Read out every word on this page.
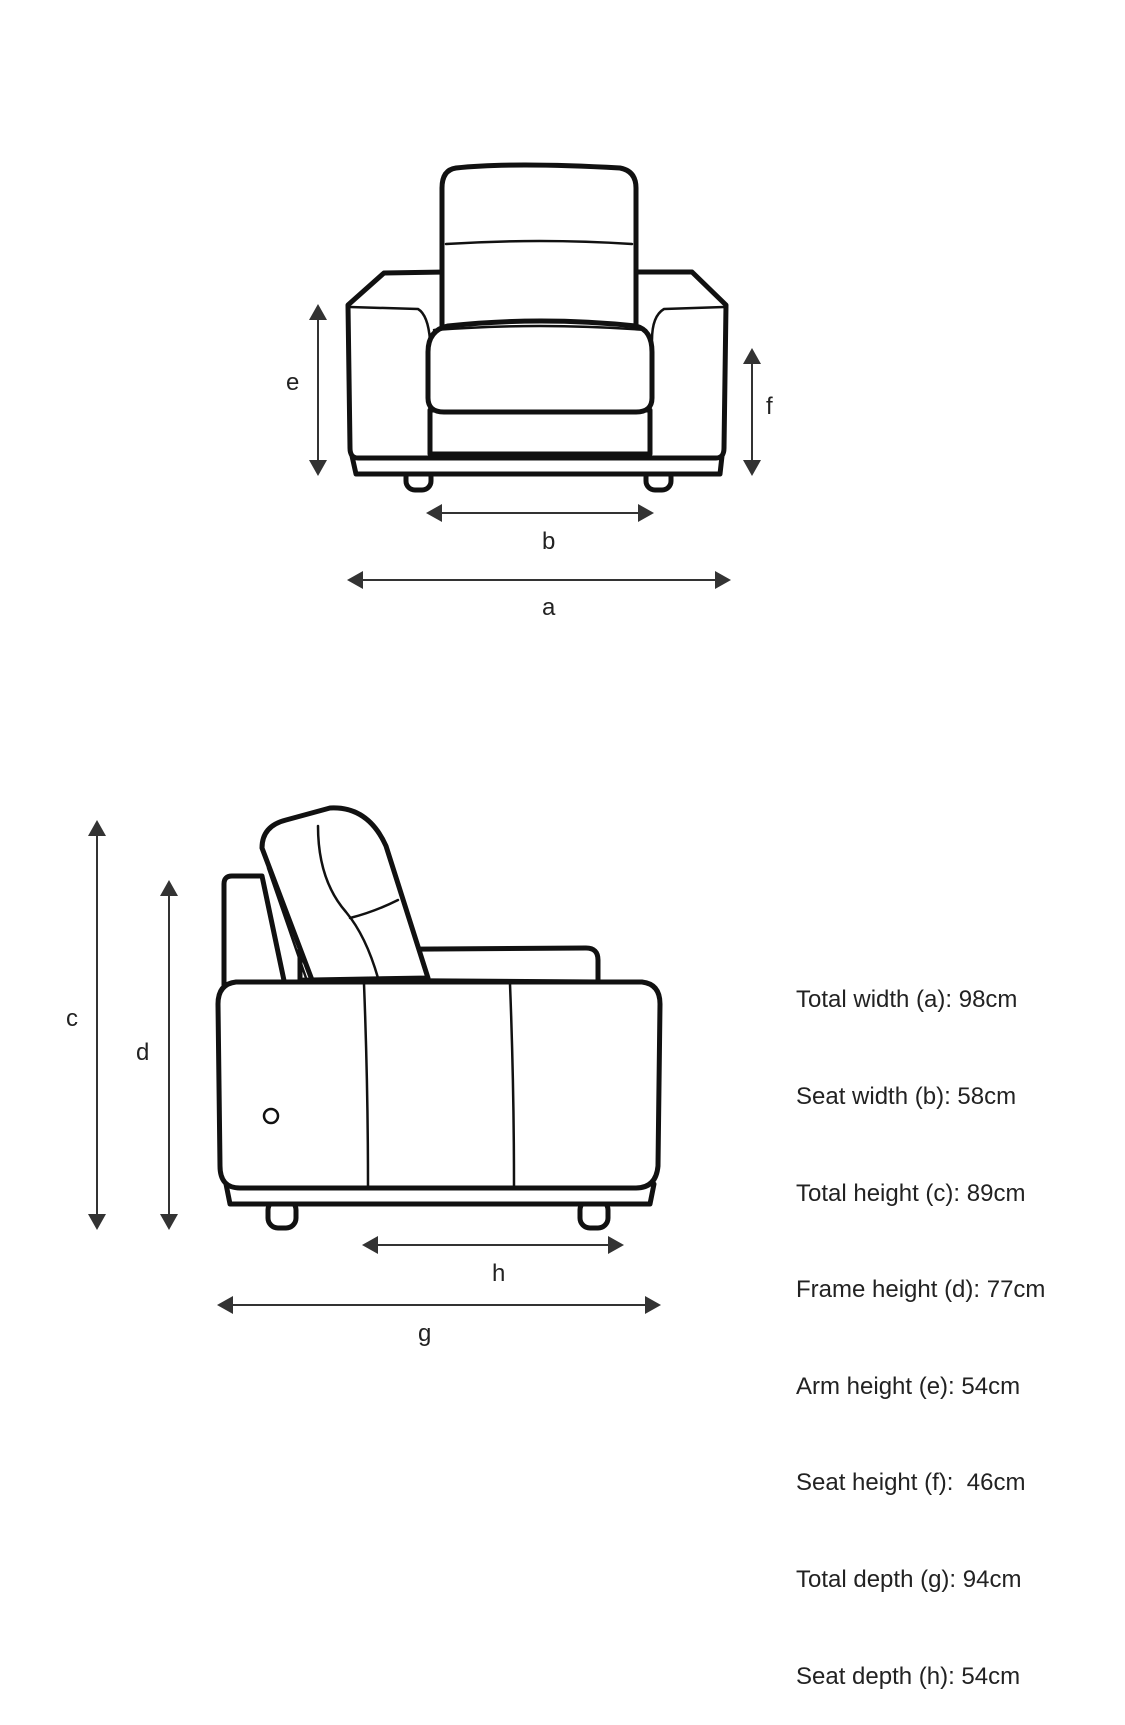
e
f
b
a
c
d
h
g

Total width (a): 98cm

Seat width (b): 58cm

Total height (c): 89cm

Frame height (d): 77cm

Arm height (e): 54cm

Seat height (f):  46cm

Total depth (g): 94cm

Seat depth (h): 54cm
